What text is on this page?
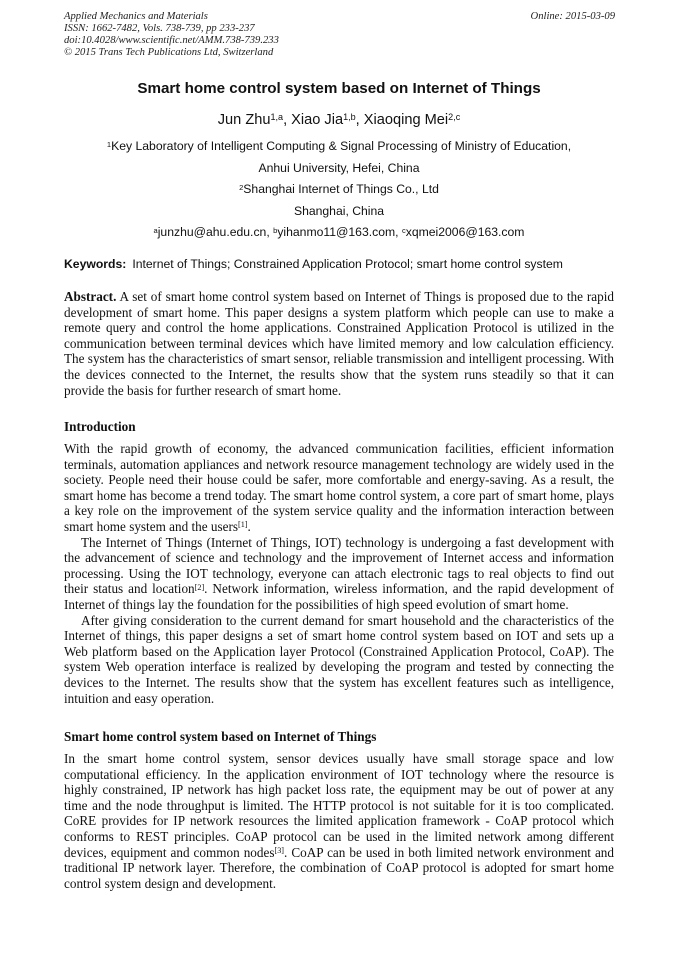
Applied Mechanics and Materials
ISSN: 1662-7482, Vols. 738-739, pp 233-237
doi:10.4028/www.scientific.net/AMM.738-739.233
© 2015 Trans Tech Publications Ltd, Switzerland
Online: 2015-03-09
Smart home control system based on Internet of Things
Jun Zhu$^{1,a}$, Xiao Jia$^{1,b}$, Xiaoqing Mei$^{2,c}$
$^1$Key Laboratory of Intelligent Computing & Signal Processing of Ministry of Education,
Anhui University, Hefei, China
$^2$Shanghai Internet of Things Co., Ltd
Shanghai, China
$^a$junzhu@ahu.edu.cn, $^b$yihanmo11@163.com, $^c$xqmei2006@163.com
Keywords: Internet of Things; Constrained Application Protocol; smart home control system

Abstract. A set of smart home control system based on Internet of Things is proposed due to the rapid development of smart home. This paper designs a system platform which people can use to make a remote query and control the home applications. Constrained Application Protocol is utilized in the communication between terminal devices which have limited memory and low calculation efficiency. The system has the characteristics of smart sensor, reliable transmission and intelligent processing. With the devices connected to the Internet, the results show that the system runs steadily so that it can provide the basis for further research of smart home.

Introduction

With the rapid growth of economy, the advanced communication facilities, efficient information terminals, automation appliances and network resource management technology are widely used in the society. People need their house could be safer, more comfortable and energy-saving. As a result, the smart home has become a trend today. The smart home control system, a core part of smart home, plays a key role on the improvement of the system service quality and the information interaction between smart home system and the users[1].

The Internet of Things (Internet of Things, IOT) technology is undergoing a fast development with the advancement of science and technology and the improvement of Internet access and information processing. Using the IOT technology, everyone can attach electronic tags to real objects to find out their status and location[2]. Network information, wireless information, and the rapid development of Internet of things lay the foundation for the possibilities of high speed evolution of smart home.

After giving consideration to the current demand for smart household and the characteristics of the Internet of things, this paper designs a set of smart home control system based on IOT and sets up a Web platform based on the Application layer Protocol (Constrained Application Protocol, CoAP). The system Web operation interface is realized by developing the program and tested by connecting the devices to the Internet. The results show that the system has excellent features such as intelligence, intuition and easy operation.

Smart home control system based on Internet of Things

In the smart home control system, sensor devices usually have small storage space and low computational efficiency. In the application environment of IOT technology where the resource is highly constrained, IP network has high packet loss rate, the equipment may be out of power at any time and the node throughput is limited. The HTTP protocol is not suitable for it is too complicated. CoRE provides for IP network resources the limited application framework - CoAP protocol which conforms to REST principles. CoAP protocol can be used in the limited network among different devices, equipment and common nodes[3]. CoAP can be used in both limited network environment and traditional IP network layer. Therefore, the combination of CoAP protocol is adopted for smart home control system design and development.
